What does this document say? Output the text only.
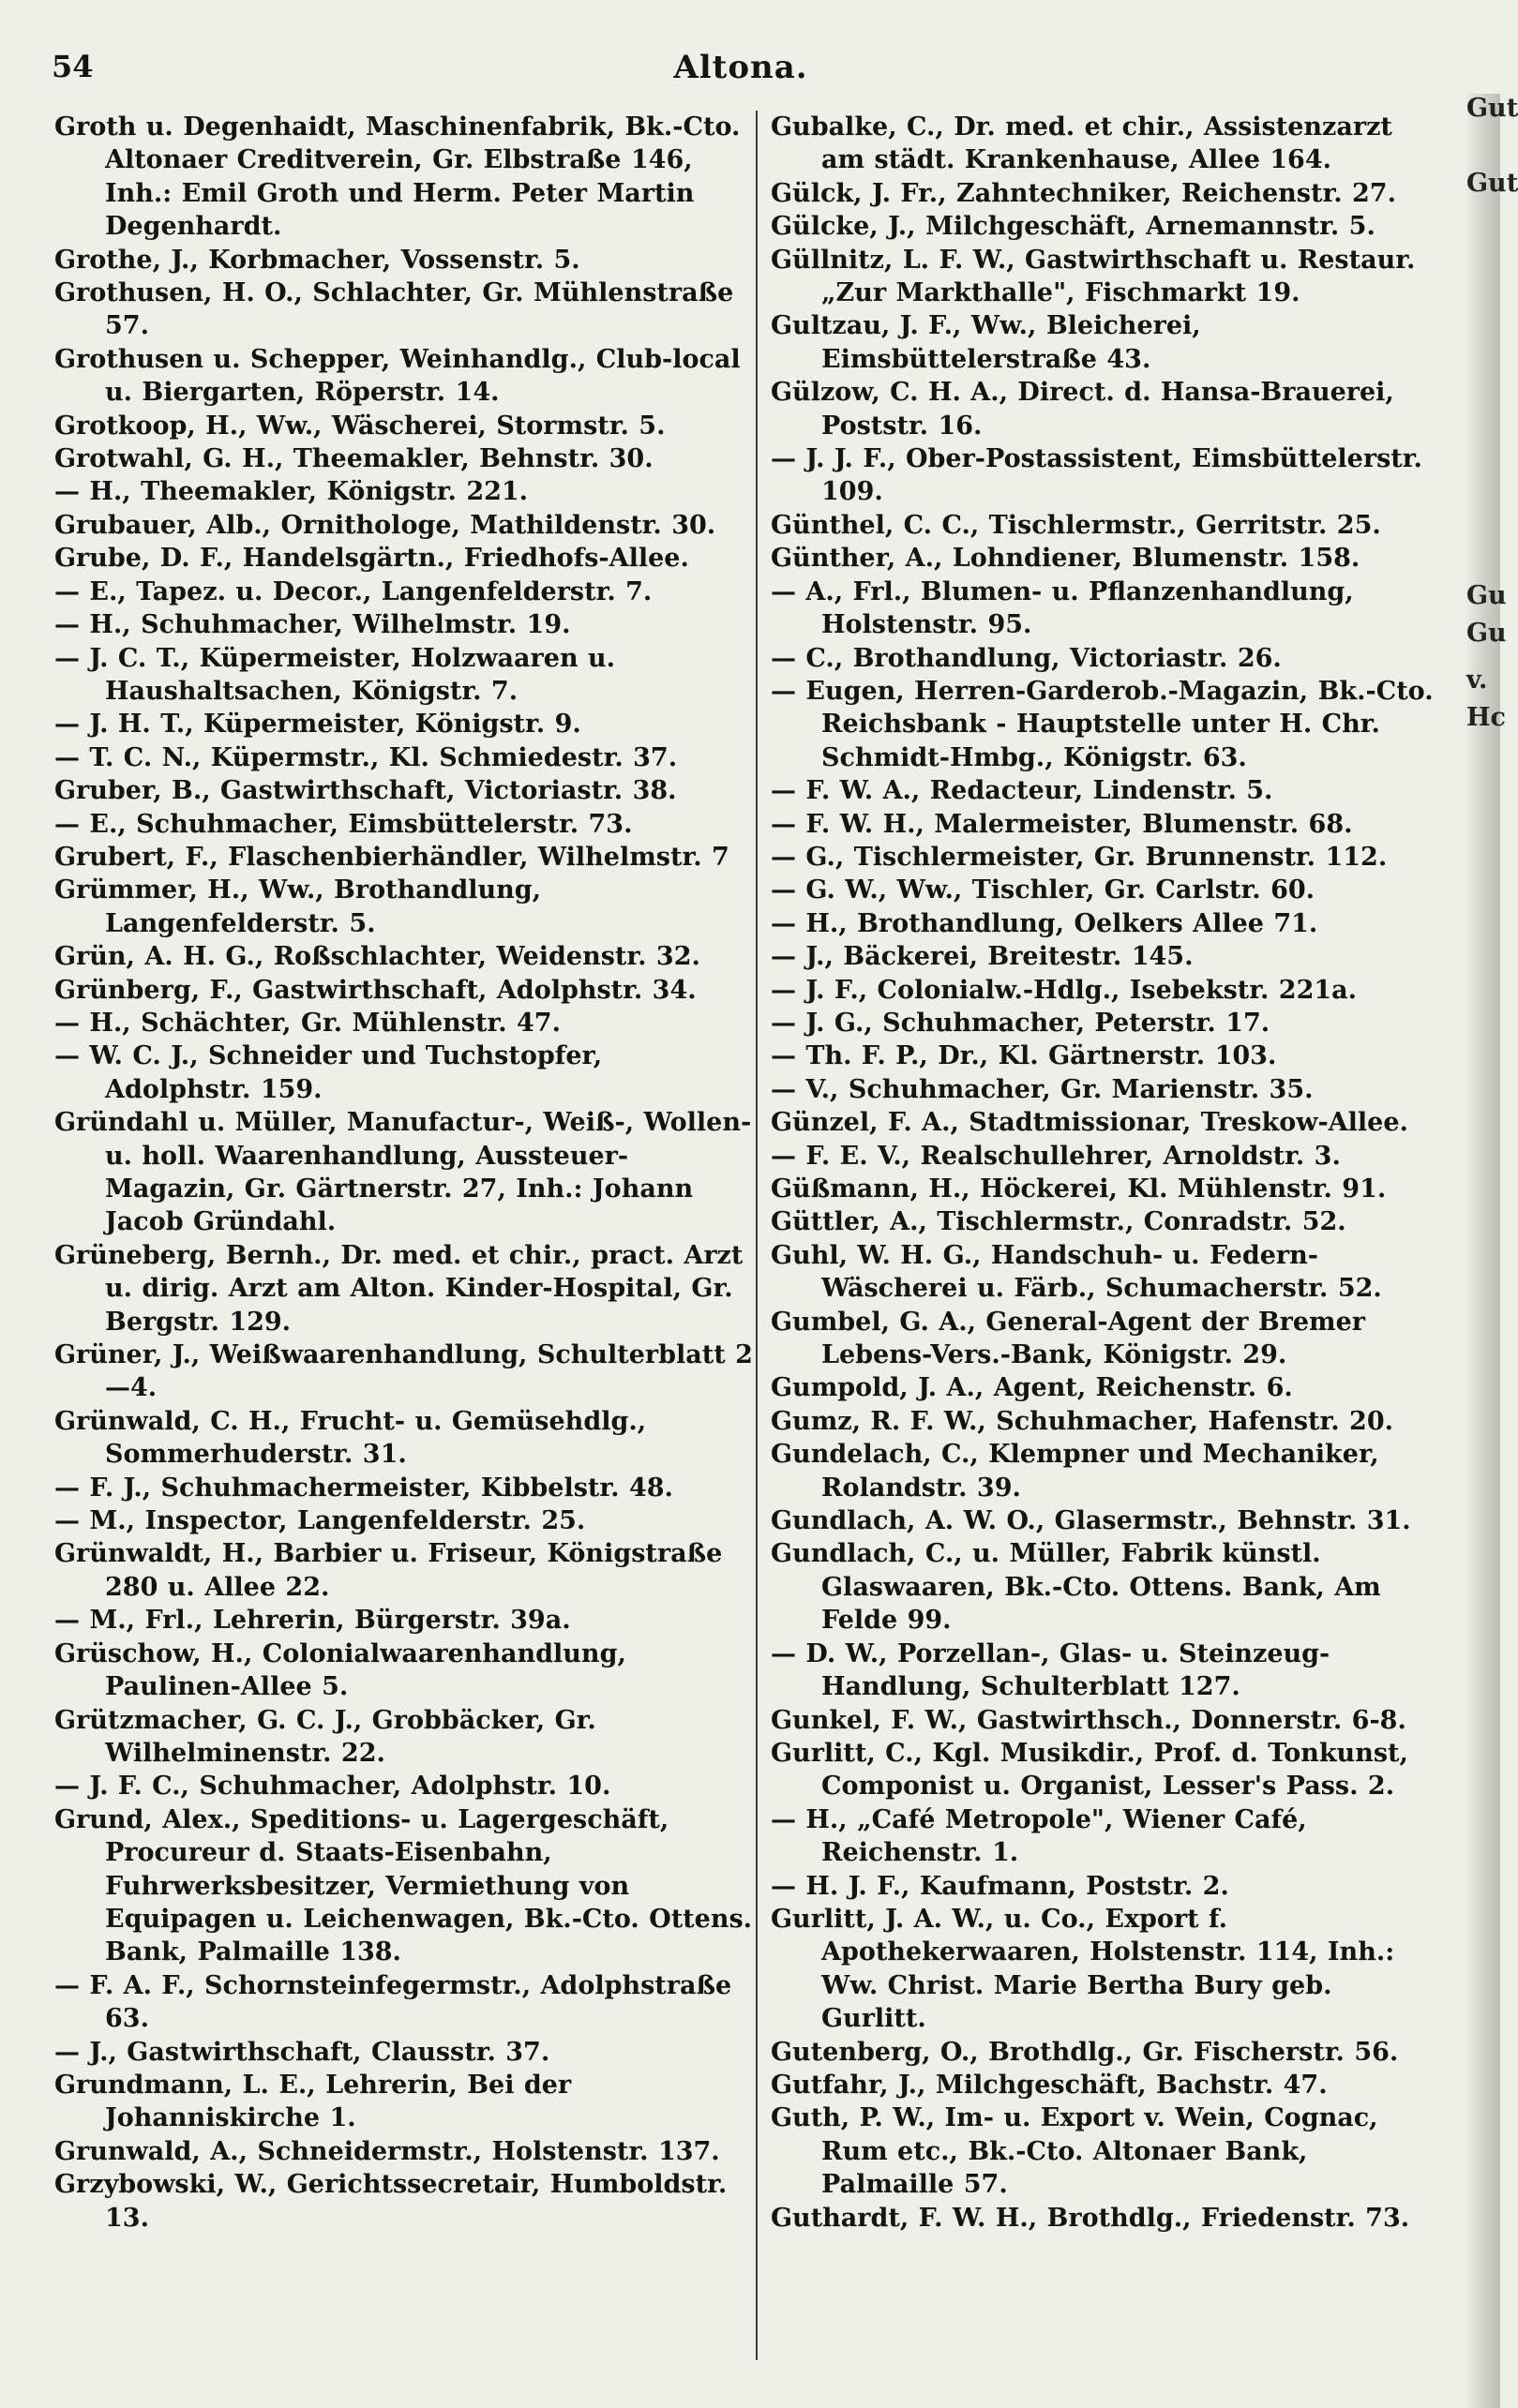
54	Altona.
Groth u. Degenhaidt, Maschinenfabrik, Bk.-Cto. Altonaer Creditverein, Gr. Elbstraße 146, Inh.: Emil Groth und Herm. Peter Martin Degenhardt.
Grothe, J., Korbmacher, Vossenstr. 5.
Grothusen, H. O., Schlachter, Gr. Mühlenstraße 57.
Grothusen u. Schepper, Weinhandlg., Club-local u. Biergarten, Röperstr. 14.
Grotkoop, H., Ww., Wäscherei, Stormstr. 5.
Grotwahl, G. H., Theemakler, Behnstr. 30.
— H., Theemakler, Königstr. 221.
Grubauer, Alb., Ornithologe, Mathildenstr. 30.
Grube, D. F., Handelsgärtn., Friedhofs-Allee.
— E., Tapez. u. Decor., Langenfelderstr. 7.
— H., Schuhmacher, Wilhelmstr. 19.
— J. C. T., Küpermeister, Holzwaaren u. Haushaltsachen, Königstr. 7.
— J. H. T., Küpermeister, Königstr. 9.
— T. C. N., Küpermstr., Kl. Schmiedestr. 37.
Gruber, B., Gastwirthschaft, Victoriastr. 38.
— E., Schuhmacher, Eimsbüttelerstr. 73.
Grubert, F., Flaschenbierhändler, Wilhelmstr. 7
Grümmer, H., Ww., Brothandlung, Langenfelderstr. 5.
Grün, A. H. G., Roßschlachter, Weidenstr. 32.
Grünberg, F., Gastwirthschaft, Adolphstr. 34.
— H., Schächter, Gr. Mühlenstr. 47.
— W. C. J., Schneider und Tuchstopfer, Adolphstr. 159.
Gründahl u. Müller, Manufactur-, Weiß-, Wollen- u. holl. Waarenhandlung, Aussteuer-Magazin, Gr. Gärtnerstr. 27, Inh.: Johann Jacob Gründahl.
Grüneberg, Bernh., Dr. med. et chir., pract. Arzt u. dirig. Arzt am Alton. Kinder-Hospital, Gr. Bergstr. 129.
Grüner, J., Weißwaarenhandlung, Schulterblatt 2—4.
Grünwald, C. H., Frucht- u. Gemüsehdlg., Sommerhuderstr. 31.
— F. J., Schuhmachermeister, Kibbelstr. 48.
— M., Inspector, Langenfelderstr. 25.
Grünwaldt, H., Barbier u. Friseur, Königstraße 280 u. Allee 22.
— M., Frl., Lehrerin, Bürgerstr. 39a.
Grüschow, H., Colonialwaarenhandlung, Paulinen-Allee 5.
Grützmacher, G. C. J., Grobbäcker, Gr. Wilhelminenstr. 22.
— J. F. C., Schuhmacher, Adolphstr. 10.
Grund, Alex., Speditions- u. Lagergeschäft, Procureur d. Staats-Eisenbahn, Fuhrwerksbesitzer, Vermiethung von Equipagen u. Leichenwagen, Bk.-Cto. Ottens. Bank, Palmaille 138.
— F. A. F., Schornsteinfegermstr., Adolphstraße 63.
— J., Gastwirthschaft, Clausstr. 37.
Grundmann, L. E., Lehrerin, Bei der Johanniskirche 1.
Grunwald, A., Schneidermstr., Holstenstr. 137.
Grzybowski, W., Gerichtssecretair, Humboldstr. 13.
Gubalke, C., Dr. med. et chir., Assistenzarzt am städt. Krankenhause, Allee 164.
Gülck, J. Fr., Zahntechniker, Reichenstr. 27.
Gülcke, J., Milchgeschäft, Arnemannstr. 5.
Güllnitz, L. F. W., Gastwirthschaft u. Restaur. „Zur Markthalle", Fischmarkt 19.
Gultzau, J. F., Ww., Bleicherei, Eimsbüttelerstraße 43.
Gülzow, C. H. A., Direct. d. Hansa-Brauerei, Poststr. 16.
— J. J. F., Ober-Postassistent, Eimsbüttelerstr. 109.
Günthel, C. C., Tischlermstr., Gerritstr. 25.
Günther, A., Lohndiener, Blumenstr. 158.
— A., Frl., Blumen- u. Pflanzenhandlung, Holstenstr. 95.
— C., Brothandlung, Victoriastr. 26.
— Eugen, Herren-Garderob.-Magazin, Bk.-Cto. Reichsbank - Hauptstelle unter H. Chr. Schmidt-Hmbg., Königstr. 63.
— F. W. A., Redacteur, Lindenstr. 5.
— F. W. H., Malermeister, Blumenstr. 68.
— G., Tischlermeister, Gr. Brunnenstr. 112.
— G. W., Ww., Tischler, Gr. Carlstr. 60.
— H., Brothandlung, Oelkers Allee 71.
— J., Bäckerei, Breitestr. 145.
— J. F., Colonialw.-Hdlg., Isebekstr. 221a.
— J. G., Schuhmacher, Peterstr. 17.
— Th. F. P., Dr., Kl. Gärtnerstr. 103.
— V., Schuhmacher, Gr. Marienstr. 35.
Günzel, F. A., Stadtmissionar, Treskow-Allee.
— F. E. V., Realschullehrer, Arnoldstr. 3.
Güßmann, H., Höckerei, Kl. Mühlenstr. 91.
Güttler, A., Tischlermstr., Conradstr. 52.
Guhl, W. H. G., Handschuh- u. Federn-Wäscherei u. Färb., Schumacherstr. 52.
Gumbel, G. A., General-Agent der Bremer Lebens-Vers.-Bank, Königstr. 29.
Gumpold, J. A., Agent, Reichenstr. 6.
Gumz, R. F. W., Schuhmacher, Hafenstr. 20.
Gundelach, C., Klempner und Mechaniker, Rolandstr. 39.
Gundlach, A. W. O., Glasermstr., Behnstr. 31.
Gundlach, C., u. Müller, Fabrik künstl. Glaswaaren, Bk.-Cto. Ottens. Bank, Am Felde 99.
— D. W., Porzellan-, Glas- u. Steinzeug-Handlung, Schulterblatt 127.
Gunkel, F. W., Gastwirthsch., Donnerstr. 6-8.
Gurlitt, C., Kgl. Musikdir., Prof. d. Tonkunst, Componist u. Organist, Lesser's Pass. 2.
— H., „Café Metropole", Wiener Café, Reichenstr. 1.
— H. J. F., Kaufmann, Poststr. 2.
Gurlitt, J. A. W., u. Co., Export f. Apothekerwaaren, Holstenstr. 114, Inh.: Ww. Christ. Marie Bertha Bury geb. Gurlitt.
Gutenberg, O., Brothdlg., Gr. Fischerstr. 56.
Gutfahr, J., Milchgeschäft, Bachstr. 47.
Guth, P. W., Im- u. Export v. Wein, Cognac, Rum etc., Bk.-Cto. Altonaer Bank, Palmaille 57.
Guthardt, F. W. H., Brothdlg., Friedenstr. 73.
Gut
Gut
Gu
Gu
v.
Hc
